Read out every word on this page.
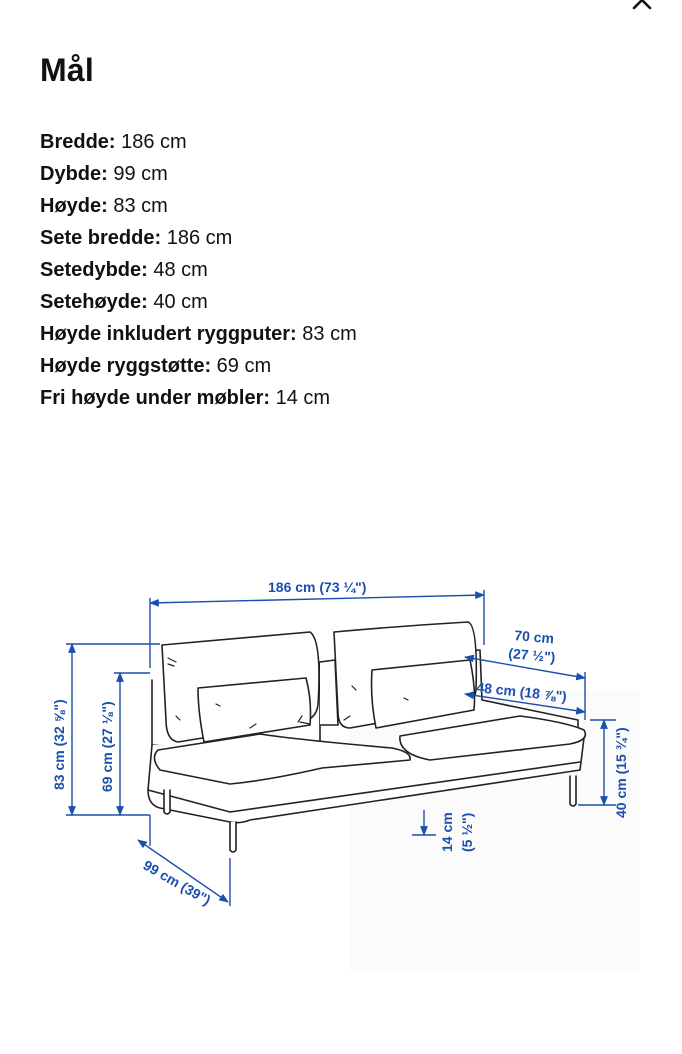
Mål
Bredde: 186 cm
Dybde: 99 cm
Høyde: 83 cm
Sete bredde: 186 cm
Setedybde: 48 cm
Setehøyde: 40 cm
Høyde inkludert ryggputer: 83 cm
Høyde ryggstøtte: 69 cm
Fri høyde under møbler: 14 cm
186 cm (73 ¼")
70 cm
(27 ½")
48 cm (18 ⅞")
83 cm (32 ⅝") 69 cm (27 ⅛")	40 cm (15 ¾")
14 cm (5 ½")
99 cm (39")
